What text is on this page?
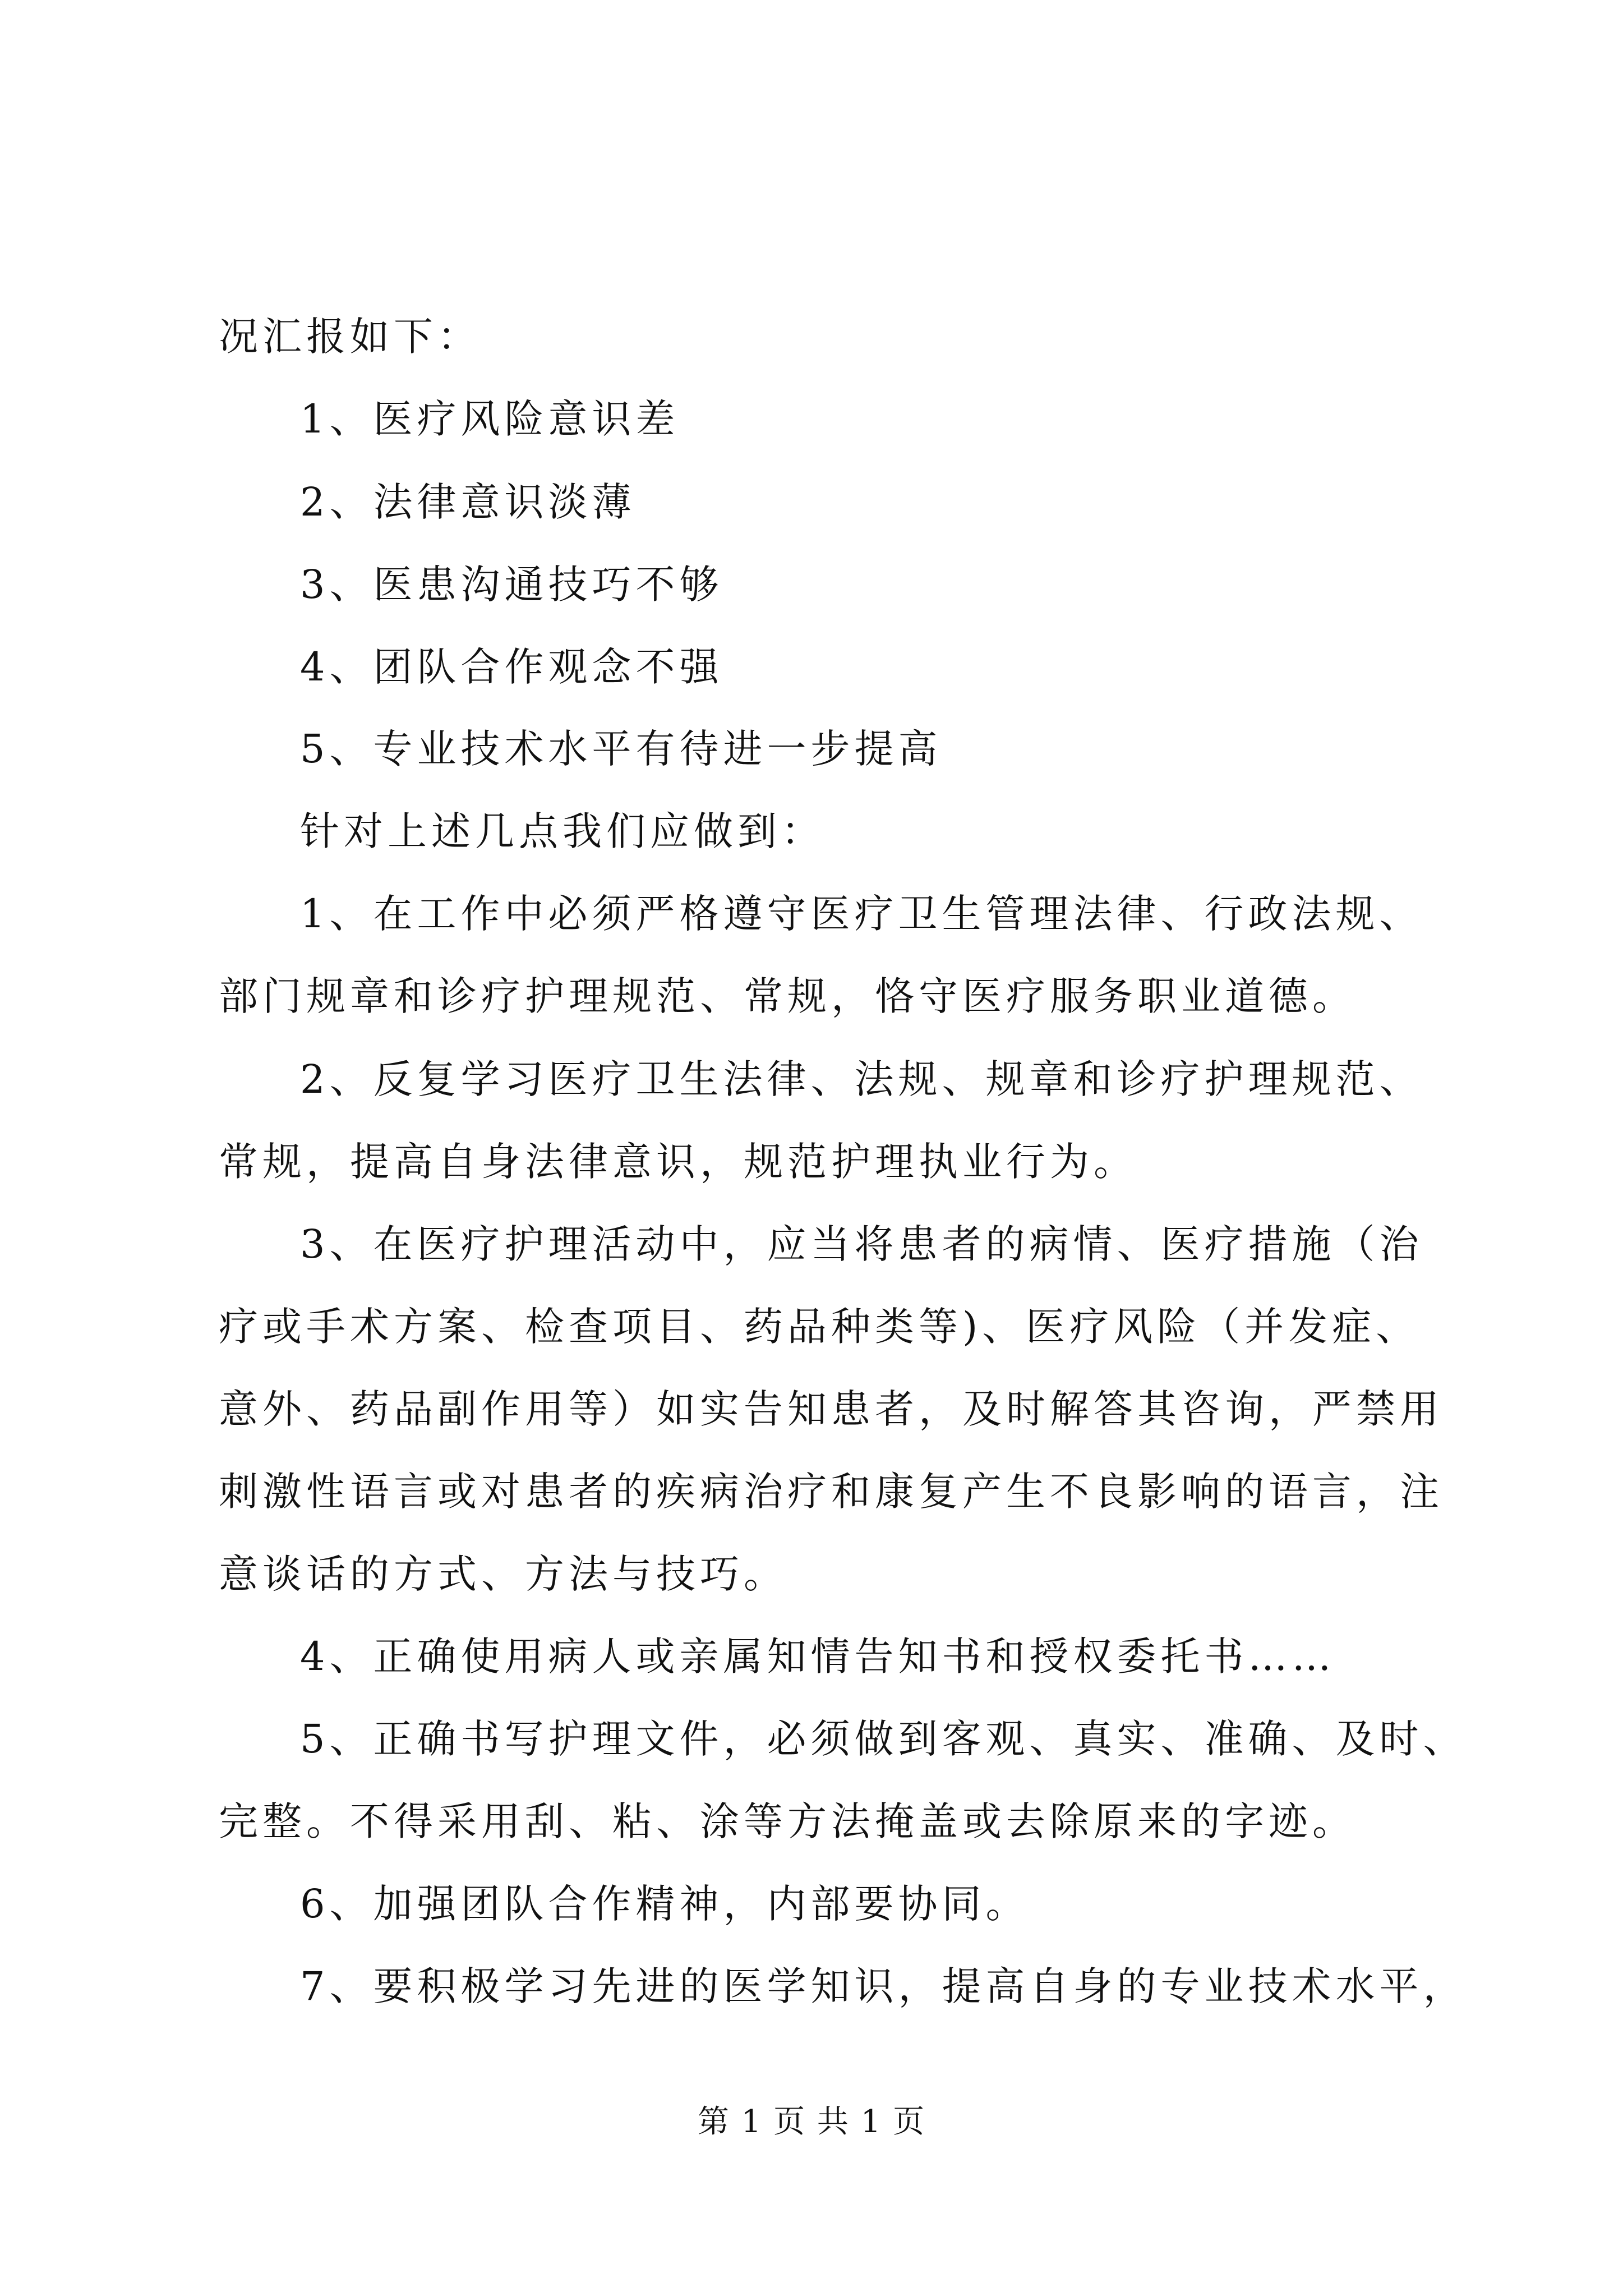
况汇报如下：
1、医疗风险意识差
2、法律意识淡薄
3、医患沟通技巧不够
4、团队合作观念不强
5、专业技术水平有待进一步提高
针对上述几点我们应做到：
1、在工作中必须严格遵守医疗卫生管理法律、行政法规、
部门规章和诊疗护理规范、常规，恪守医疗服务职业道德。
2、反复学习医疗卫生法律、法规、规章和诊疗护理规范、
常规，提高自身法律意识，规范护理执业行为。
3、在医疗护理活动中，应当将患者的病情、医疗措施（治
疗或手术方案、检查项目、药品种类等)、医疗风险（并发症、
意外、药品副作用等）如实告知患者，及时解答其咨询，严禁用
刺激性语言或对患者的疾病治疗和康复产生不良影响的语言，注
意谈话的方式、方法与技巧。
4、正确使用病人或亲属知情告知书和授权委托书……
5、正确书写护理文件，必须做到客观、真实、准确、及时、
完整。不得采用刮、粘、涂等方法掩盖或去除原来的字迹。
6、加强团队合作精神，内部要协同。
7、要积极学习先进的医学知识，提高自身的专业技术水平，
第 1 页 共 1 页
